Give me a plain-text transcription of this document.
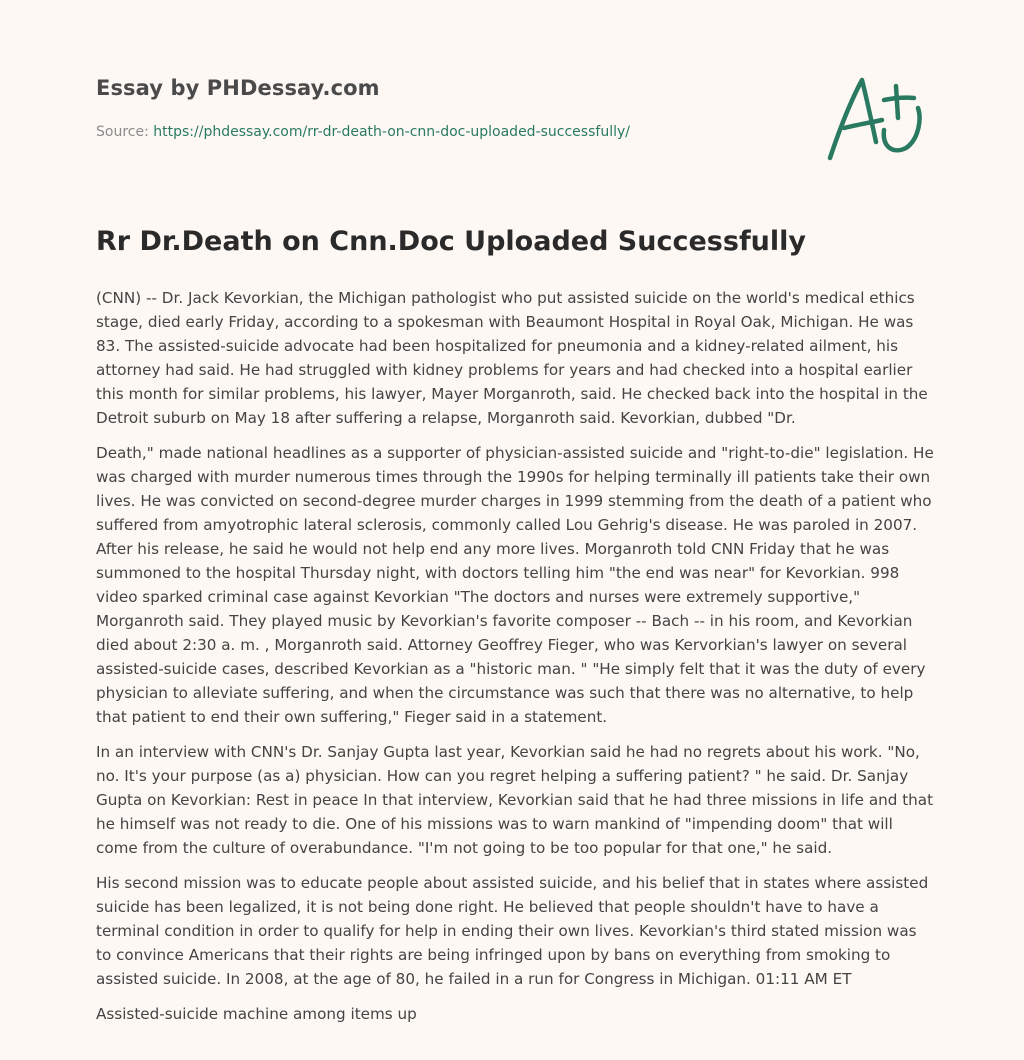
Essay by PHDessay.com
Source: https://phdessay.com/rr-dr-death-on-cnn-doc-uploaded-successfully/
Rr Dr.Death on Cnn.Doc Uploaded Successfully

(CNN) -- Dr. Jack Kevorkian, the Michigan pathologist who put assisted suicide on the world's medical ethics stage, died early Friday, according to a spokesman with Beaumont Hospital in Royal Oak, Michigan. He was 83. The assisted-suicide advocate had been hospitalized for pneumonia and a kidney-related ailment, his attorney had said. He had struggled with kidney problems for years and had checked into a hospital earlier this month for similar problems, his lawyer, Mayer Morganroth, said. He checked back into the hospital in the Detroit suburb on May 18 after suffering a relapse, Morganroth said. Kevorkian, dubbed "Dr.

Death," made national headlines as a supporter of physician-assisted suicide and "right-to-die" legislation. He was charged with murder numerous times through the 1990s for helping terminally ill patients take their own lives. He was convicted on second-degree murder charges in 1999 stemming from the death of a patient who suffered from amyotrophic lateral sclerosis, commonly called Lou Gehrig's disease. He was paroled in 2007. After his release, he said he would not help end any more lives. Morganroth told CNN Friday that he was summoned to the hospital Thursday night, with doctors telling him "the end was near" for Kevorkian. 998 video sparked criminal case against Kevorkian "The doctors and nurses were extremely supportive," Morganroth said. They played music by Kevorkian's favorite composer -- Bach -- in his room, and Kevorkian died about 2:30 a. m. , Morganroth said. Attorney Geoffrey Fieger, who was Kervorkian's lawyer on several assisted-suicide cases, described Kevorkian as a "historic man. " "He simply felt that it was the duty of every physician to alleviate suffering, and when the circumstance was such that there was no alternative, to help that patient to end their own suffering," Fieger said in a statement.

In an interview with CNN's Dr. Sanjay Gupta last year, Kevorkian said he had no regrets about his work. "No, no. It's your purpose (as a) physician. How can you regret helping a suffering patient? " he said. Dr. Sanjay Gupta on Kevorkian: Rest in peace In that interview, Kevorkian said that he had three missions in life and that he himself was not ready to die. One of his missions was to warn mankind of "impending doom" that will come from the culture of overabundance. "I'm not going to be too popular for that one," he said.

His second mission was to educate people about assisted suicide, and his belief that in states where assisted suicide has been legalized, it is not being done right. He believed that people shouldn't have to have a terminal condition in order to qualify for help in ending their own lives. Kevorkian's third stated mission was to convince Americans that their rights are being infringed upon by bans on everything from smoking to assisted suicide. In 2008, at the age of 80, he failed in a run for Congress in Michigan. 01:11 AM ET

Assisted-suicide machine among items up
